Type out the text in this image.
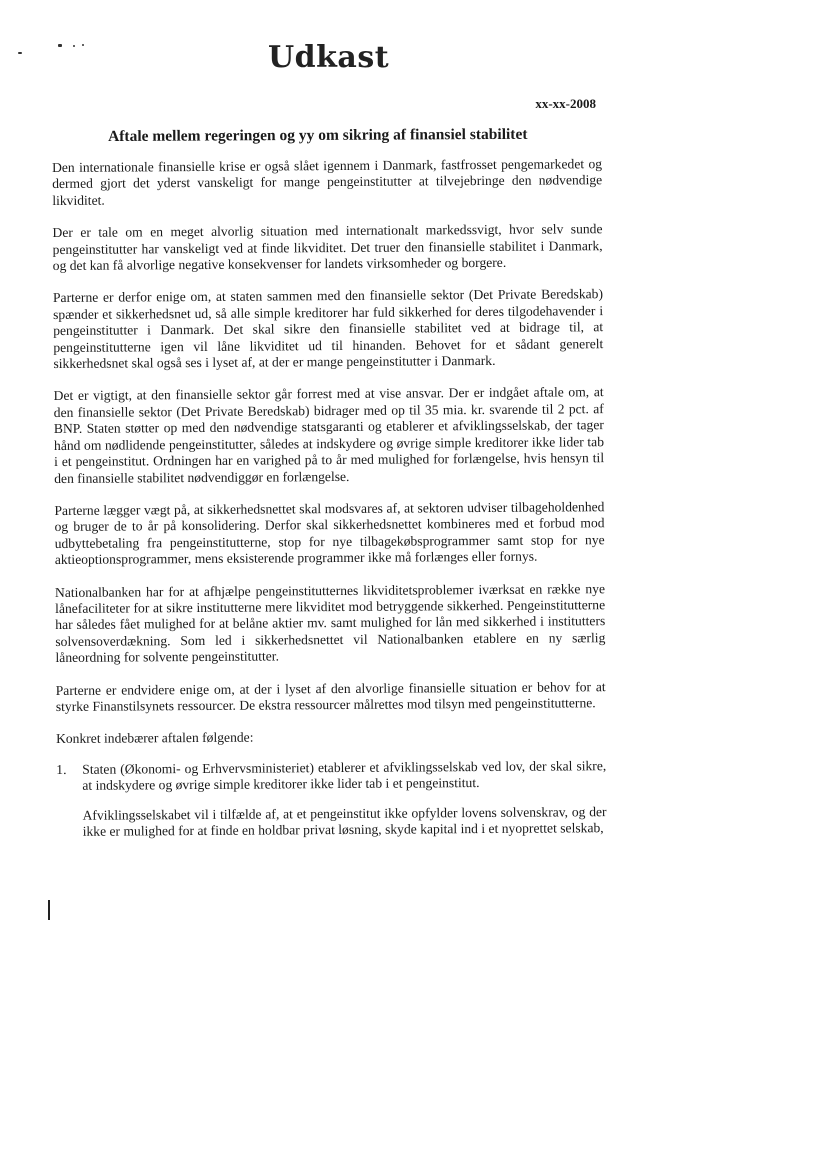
Udkast
xx-xx-2008
Aftale mellem regeringen og yy om sikring af finansiel stabilitet

Den internationale finansielle krise er også slået igennem i Danmark, fastfrosset pengemarkedet og dermed gjort det yderst vanskeligt for mange pengeinstitutter at tilvejebringe den nødvendige likviditet.

Der er tale om en meget alvorlig situation med internationalt markedssvigt, hvor selv sunde pengeinstitutter har vanskeligt ved at finde likviditet. Det truer den finansielle stabilitet i Danmark, og det kan få alvorlige negative konsekvenser for landets virksomheder og borgere.

Parterne er derfor enige om, at staten sammen med den finansielle sektor (Det Private Beredskab) spænder et sikkerhedsnet ud, så alle simple kreditorer har fuld sikkerhed for deres tilgodehavender i pengeinstitutter i Danmark. Det skal sikre den finansielle stabilitet ved at bidrage til, at pengeinstitutterne igen vil låne likviditet ud til hinanden. Behovet for et sådant generelt sikkerhedsnet skal også ses i lyset af, at der er mange pengeinstitutter i Danmark.

Det er vigtigt, at den finansielle sektor går forrest med at vise ansvar. Der er indgået aftale om, at den finansielle sektor (Det Private Beredskab) bidrager med op til 35 mia. kr. svarende til 2 pct. af BNP. Staten støtter op med den nødvendige statsgaranti og etablerer et afviklingsselskab, der tager hånd om nødlidende pengeinstitutter, således at indskydere og øvrige simple kreditorer ikke lider tab i et pengeinstitut. Ordningen har en varighed på to år med mulighed for forlængelse, hvis hensyn til den finansielle stabilitet nødvendiggør en forlængelse.

Parterne lægger vægt på, at sikkerhedsnettet skal modsvares af, at sektoren udviser tilbageholdenhed og bruger de to år på konsolidering. Derfor skal sikkerhedsnettet kombineres med et forbud mod udbyttebetaling fra pengeinstitutterne, stop for nye tilbagekøbsprogrammer samt stop for nye aktieoptionsprogrammer, mens eksisterende programmer ikke må forlænges eller fornys.

Nationalbanken har for at afhjælpe pengeinstitutternes likviditetsproblemer iværksat en række nye lånefaciliteter for at sikre institutterne mere likviditet mod betryggende sikkerhed. Pengeinstitutterne har således fået mulighed for at belåne aktier mv. samt mulighed for lån med sikkerhed i institutters solvensoverdækning. Som led i sikkerhedsnettet vil Nationalbanken etablere en ny særlig låneordning for solvente pengeinstitutter.

Parterne er endvidere enige om, at der i lyset af den alvorlige finansielle situation er behov for at styrke Finanstilsynets ressourcer. De ekstra ressourcer målrettes mod tilsyn med pengeinstitutterne.

Konkret indebærer aftalen følgende:

1.	Staten (Økonomi- og Erhvervsministeriet) etablerer et afviklingsselskab ved lov, der skal sikre, at indskydere og øvrige simple kreditorer ikke lider tab i et pengeinstitut.

Afviklingsselskabet vil i tilfælde af, at et pengeinstitut ikke opfylder lovens solvenskrav, og der ikke er mulighed for at finde en holdbar privat løsning, skyde kapital ind i et nyoprettet selskab,
